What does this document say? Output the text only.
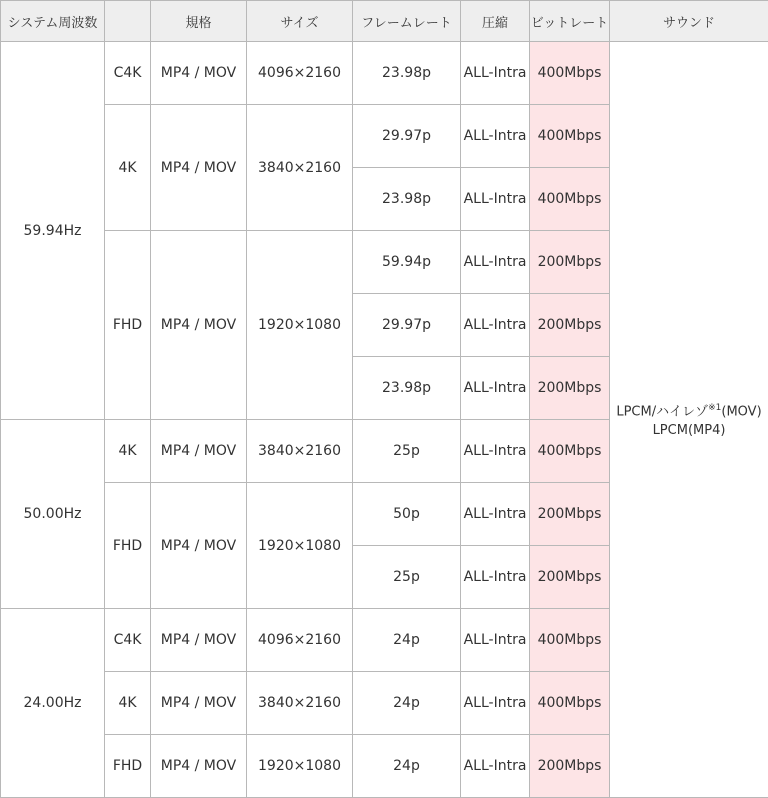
システム周波数		規格	サイズ	フレームレート	圧縮	ビットレート	サウンド
59.94Hz	C4K	MP4 / MOV	4096×2160	23.98p	ALL-Intra	400Mbps	LPCM/ハイレゾ$^{※1}$(MOV)
LPCM(MP4)
	4K	MP4 / MOV	3840×2160	29.97p	ALL-Intra	400Mbps	
				23.98p	ALL-Intra	400Mbps	
	FHD	MP4 / MOV	1920×1080	59.94p	ALL-Intra	200Mbps	
				29.97p	ALL-Intra	200Mbps	
				23.98p	ALL-Intra	200Mbps	
50.00Hz	4K	MP4 / MOV	3840×2160	25p	ALL-Intra	400Mbps	
	FHD	MP4 / MOV	1920×1080	50p	ALL-Intra	200Mbps	
				25p	ALL-Intra	200Mbps	
24.00Hz	C4K	MP4 / MOV	4096×2160	24p	ALL-Intra	400Mbps	
	4K	MP4 / MOV	3840×2160	24p	ALL-Intra	400Mbps	
	FHD	MP4 / MOV	1920×1080	24p	ALL-Intra	200Mbps	
